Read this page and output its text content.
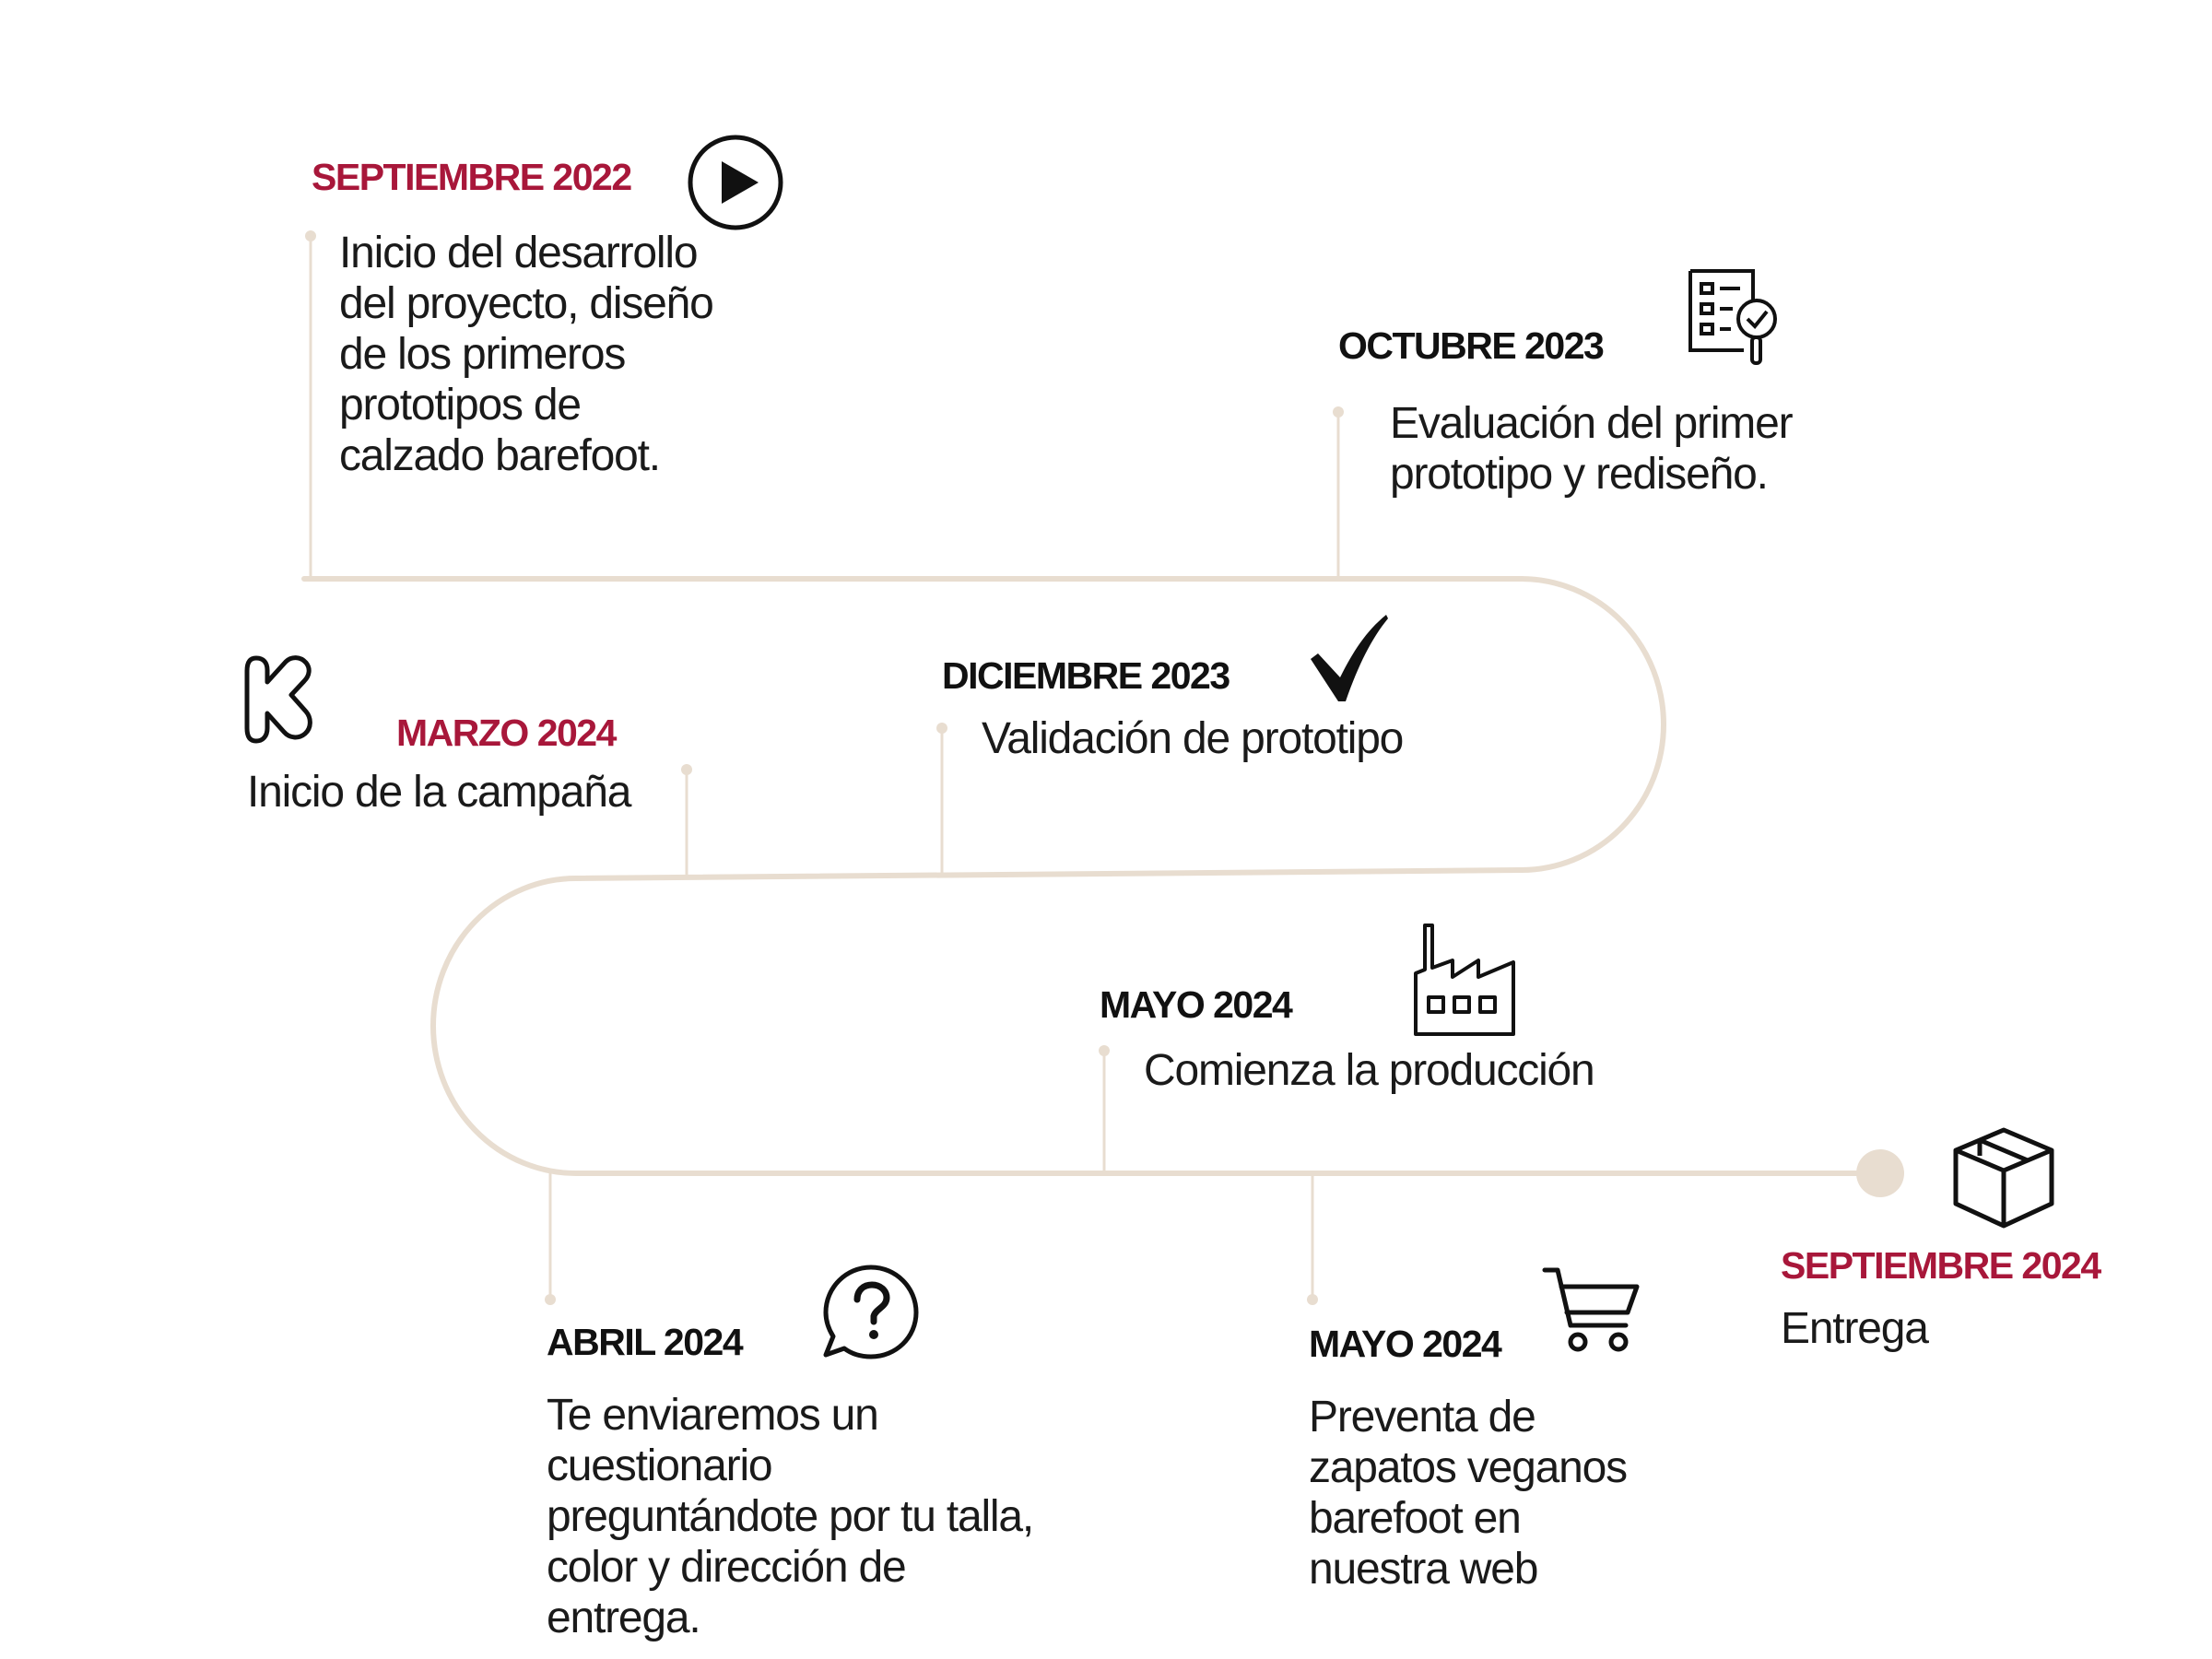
SEPTIEMBRE 2022
Inicio del desarrollo
del proyecto, diseño
de los primeros
prototipos de
calzado barefoot.
OCTUBRE 2023
Evaluación del primer
prototipo y rediseño.
DICIEMBRE 2023
Validación de prototipo
MARZO 2024
Inicio de la campaña
MAYO 2024
Comienza la producción
ABRIL 2024
Te enviaremos un
cuestionario
preguntándote por tu talla,
color y dirección de
entrega.
MAYO 2024
Preventa de
zapatos veganos
barefoot en
nuestra web
SEPTIEMBRE 2024
Entrega
